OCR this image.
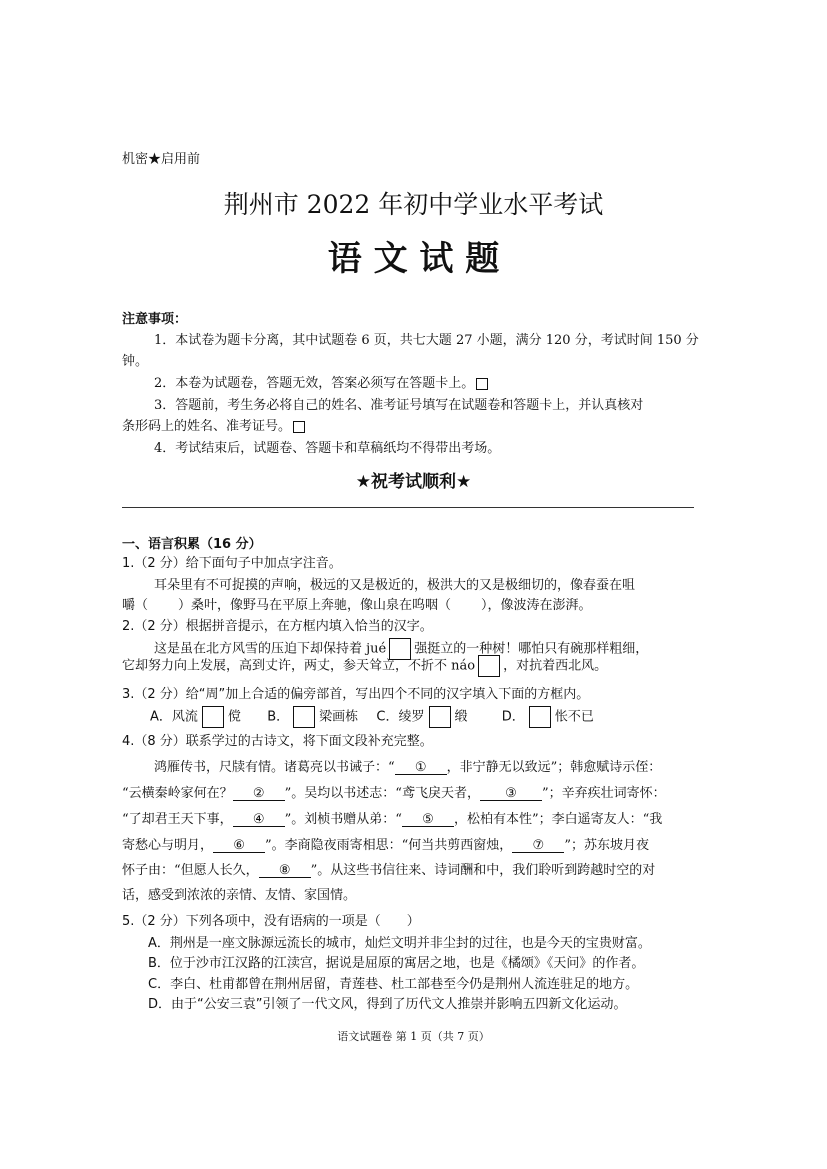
机密★启用前
荆州市 2022 年初中学业水平考试
语 文 试 题
注意事项：
1．本试卷为题卡分离，其中试题卷 6 页，共七大题 27 小题，满分 120 分，考试时间 150 分
钟。
2．本卷为试题卷，答题无效，答案必须写在答题卡上。
3．答题前，考生务必将自己的姓名、准考证号填写在试题卷和答题卡上，并认真核对
条形码上的姓名、准考证号。
4．考试结束后，试题卷、答题卡和草稿纸均不得带出考场。
★祝考试顺利★
一、语言积累（16 分）
1.（2 分）给下面句子中加点字注音。
耳朵里有不可捉摸的声响，极远的又是极近的，极洪大的又是极细切的，像春蚕在咀
嚼（ ）桑叶，像野马在平原上奔驰，像山泉在呜咽（ ），像波涛在澎湃。
2.（2 分）根据拼音提示，在方框内填入恰当的汉字。
这是虽在北方风雪的压迫下却保持着 jué 强挺立的一种树！哪怕只有碗那样粗细，
它却努力向上发展，高到丈许，两丈，参天耸立，不折不 náo ，对抗着西北风。
3.（2 分）给“周”加上合适的偏旁部首，写出四个不同的汉字填入下面的方框内。
A．风流 傥 B． 梁画栋 C．绫罗 缎	D． 怅不已
4.（8 分）联系学过的古诗文，将下面文段补充完整。
鸿雁传书，尺牍有情。诸葛亮以书诫子：“ ① ，非宁静无以致远”；韩愈赋诗示侄：
“云横秦岭家何在？ ② ”。吴均以书述志：“鸢飞戾天者， ③ ”；辛弃疾壮词寄怀：
“了却君王天下事， ④ ”。刘桢书赠从弟：“ ⑤ ，松柏有本性”；李白遥寄友人：“我
寄愁心与明月， ⑥ ”。李商隐夜雨寄相思：“何当共剪西窗烛， ⑦ ”；苏东坡月夜
怀子由：“但愿人长久， ⑧ ”。从这些书信往来、诗词酬和中，我们聆听到跨越时空的对
话，感受到浓浓的亲情、友情、家国情。
5.（2 分）下列各项中，没有语病的一项是（　　）
A．荆州是一座文脉源远流长的城市，灿烂文明并非尘封的过往，也是今天的宝贵财富。
B．位于沙市江汉路的江渎宫，据说是屈原的寓居之地，也是《橘颂》《天问》的作者。
C．李白、杜甫都曾在荆州居留，青莲巷、杜工部巷至今仍是荆州人流连驻足的地方。
D．由于“公安三袁”引领了一代文风，得到了历代文人推崇并影响五四新文化运动。
语文试题卷 第 1 页（共 7 页）
